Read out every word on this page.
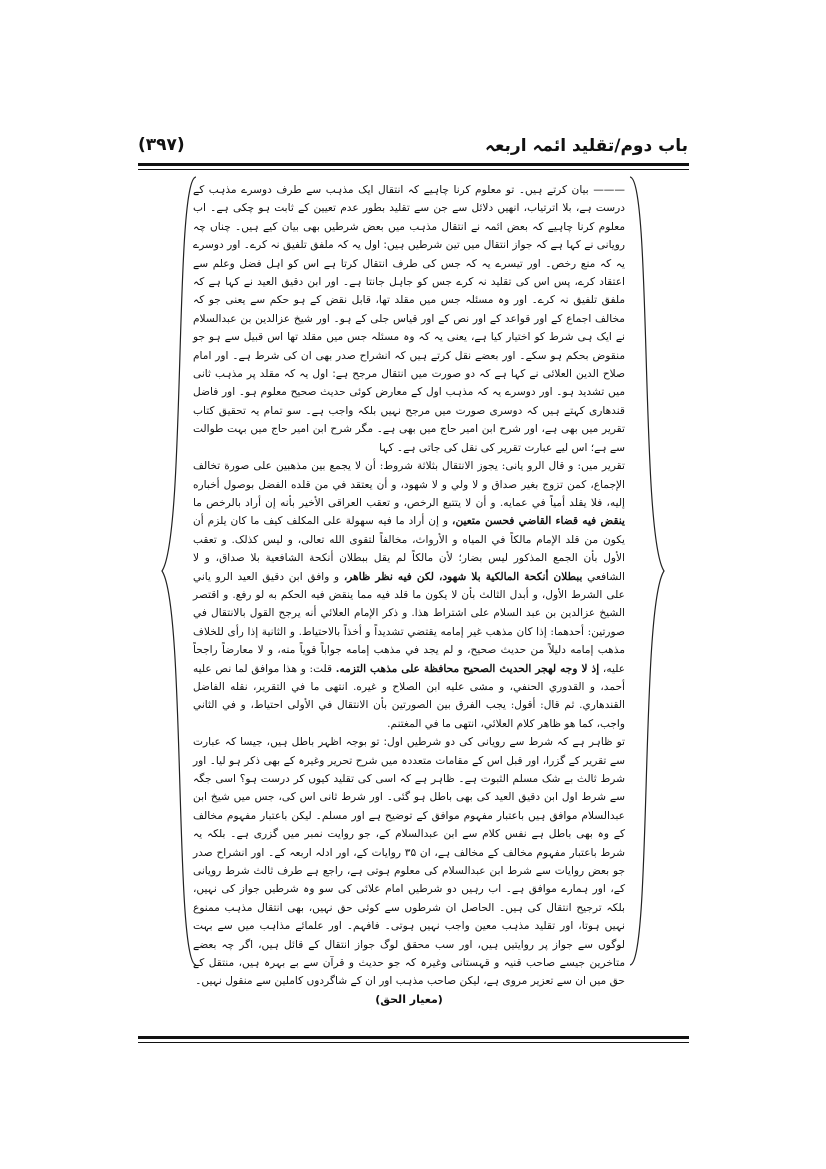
باب دوم/تقلید ائمہ اربعہ
(۳۹۷)

——— بیان کرتے ہیں۔ تو معلوم کرنا چاہیے کہ انتقال ایک مذہب سے طرف دوسرے مذہب کے درست ہے، بلا اترتیاب، انھیں دلائل سے جن سے تقلید بطور عدم تعیین کے ثابت ہو چکی ہے۔ اب معلوم کرنا چاہیے کہ بعض ائمہ نے انتقال مذہب میں بعض شرطیں بھی بیان کیے ہیں۔ چناں چہ رویانی نے کہا ہے کہ جواز انتقال میں تین شرطیں ہیں: اول یہ کہ ملفق تلفیق نہ کرے۔ اور دوسرے یہ کہ منع رخص۔ اور تیسرے یہ کہ جس کی طرف انتقال کرتا ہے اس کو اہل فضل وعلم سے اعتقاد کرے، پس اس کی تقلید نہ کرے جس کو جاہل جانتا ہے۔ اور ابن دقیق العید نے کہا ہے کہ ملفق تلفیق نہ کرے۔ اور وہ مسئلہ جس میں مقلد تھا، قابل نقض کے ہو حکم سے یعنی جو کہ مخالف اجماع کے اور قواعد کے اور نص کے اور قیاس جلی کے ہو۔ اور شیخ عزالدین بن عبدالسلام نے ایک ہی شرط کو اختیار کیا ہے، یعنی یہ کہ وہ مسئلہ جس میں مقلد تھا اس قبیل سے ہو جو منقوض بحکم ہو سکے۔ اور بعضے نقل کرتے ہیں کہ انشراح صدر بھی ان کی شرط ہے۔ اور امام صلاح الدین العلائی نے کہا ہے کہ دو صورت میں انتقال مرجح ہے: اول یہ کہ مقلد پر مذہب ثانی میں تشدید ہو۔ اور دوسرے یہ کہ مذہب اول کے معارض کوئی حدیث صحیح معلوم ہو۔ اور فاضل قندھاری کہتے ہیں کہ دوسری صورت میں مرجح نہیں بلکہ واجب ہے۔ سو تمام یہ تحقیق کتاب تقریر میں بھی ہے، اور شرح ابن امیر حاج میں بھی ہے۔ مگر شرح ابن امیر حاج میں بہت طوالت سے ہے؛ اس لیے عبارت تقریر کی نقل کی جاتی ہے۔ کہا

تقریر میں: و قال الرو یانی: یجوز الانتقال بثلاثة شروط: أن لا یجمع بین مذهبین علی صورة تخالف الإجماع، کمن تزوج بغیر صداق و لا ولي و لا شهود، و أن یعتقد في من قلده الفضل بوصول أخباره إلیه، فلا یقلد أمیاً في عمایه. و أن لا یتتبع الرخص، و تعقب العراقی الأخیر بأنه إن أراد بالرخص ما ینقض فیه قضاء القاضي فحسن متعین، و إن أراد ما فیه سهولة علی المکلف کیف ما کان یلزم أن یکون من قلد الإمام مالکاً في المیاه و الأرواث، مخالفاً لتقوی الله تعالی، و لیس کذلک. و تعقب الأول بأن الجمع المذکور لیس بضار؛ لأن مالکاً لم یقل ببطلان أنکحة الشافعیة بلا صداق، و لا الشافعي ببطلان أنکحة المالکیة بلا شهود، لکن فیه نظر ظاهر، و وافق ابن دقیق العید الرو یاني علی الشرط الأول، و أبدل الثالث بأن لا یکون ما قلد فیه مما ینقض فیه الحکم به لو رفع. و اقتصر الشیخ عزالدین بن عبد السلام علی اشتراط هذا. و ذکر الإمام العلائي أنه یرجح القول بالانتقال في صورتین: أحدهما: إذا کان مذهب غیر إمامه یقتضي تشدیداً و أخذاً بالاحتیاط. و الثانیة إذا رأی للخلاف مذهب إمامه دلیلاً من حدیث صحیح، و لم یجد في مذهب إمامه جواباً قویاً منه، و لا معارضاً راجحاً علیه، إذ لا وجه لهجر الحدیث الصحیح محافظة علی مذهب التزمه. قلت: و هذا موافق لما نص علیه أحمد، و القدوري الحنفي، و مشی علیه ابن الصلاح و غیره. انتهی ما في التقریر، نقله الفاضل القندهاري. ثم قال: أقول: یجب الفرق بین الصورتین بأن الانتقال في الأولی احتیاط، و في الثاني واجب، کما هو ظاهر کلام العلائي، انتهی ما في المغتنم.

تو ظاہر ہے کہ شرط سے رویانی کی دو شرطیں اول: تو بوجہ اظہر باطل ہیں، جیسا کہ عبارت سے تقریر کے گزرا، اور قبل اس کے مقامات متعددہ میں شرح تحریر وغیرہ کے بھی ذکر ہو لیا۔ اور شرط ثالث بے شک مسلم الثبوت ہے۔ ظاہر ہے کہ اسی کی تقلید کیوں کر درست ہو؟ اسی جگہ سے شرط اول ابن دقیق العید کی بھی باطل ہو گئی۔ اور شرط ثانی اس کی، جس میں شیخ ابن عبدالسلام موافق ہیں باعتبار مفہوم موافق کے توضیح ہے اور مسلم۔ لیکن باعتبار مفہوم مخالف کے وہ بھی باطل ہے نفس کلام سے ابن عبدالسلام کے، جو روایت نمبر میں گزری ہے۔ بلکہ یہ شرط باعتبار مفہوم مخالف کے مخالف ہے، ان ۳۵ روایات کے، اور ادلہ اربعہ کے۔ اور انشراح صدر جو بعض روایات سے شرط ابن عبدالسلام کی معلوم ہوتی ہے، راجع ہے طرف ثالث شرط رویانی کے، اور ہمارے موافق ہے۔ اب رہیں دو شرطیں امام علائی کی سو وہ شرطیں جواز کی نہیں، بلکہ ترجیح انتقال کی ہیں۔ الحاصل ان شرطوں سے کوئی حق نہیں، بھی انتقال مذہب ممنوع نہیں ہوتا، اور تقلید مذہب معین واجب نہیں ہوتی۔ فافہم۔ اور علمائے مذاہب میں سے بہت لوگوں سے جواز پر روایتیں ہیں، اور سب محقق لوگ جواز انتقال کے قائل ہیں، اگر چہ بعضے متاخرین جیسے صاحب قنیہ و قہستانی وغیرہ کہ جو حدیث و قرآن سے بے بہرہ ہیں، منتقل کے حق میں ان سے تعزیر مروی ہے، لیکن صاحب مذہب اور ان کے شاگردوں کاملین سے منقول نہیں۔

(معیار الحق)
